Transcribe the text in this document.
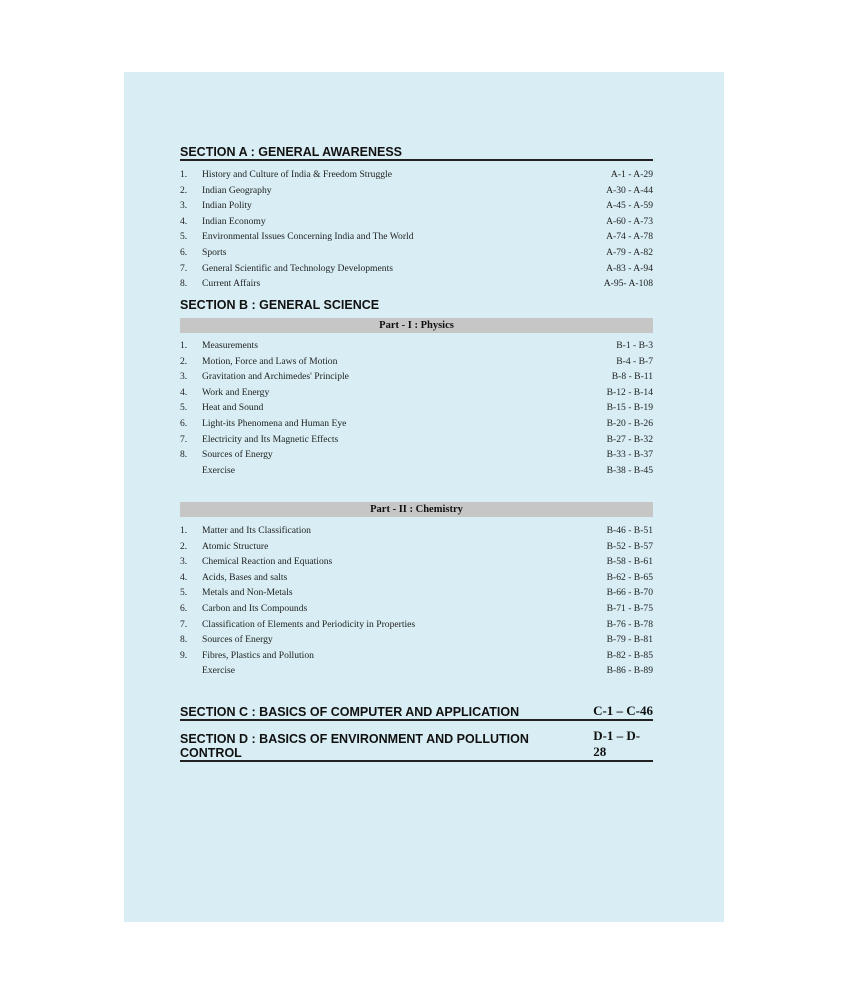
SECTION A : GENERAL AWARENESS
1.	History and Culture of India & Freedom Struggle	A-1 - A-29
2.	Indian Geography	A-30 - A-44
3.	Indian Polity	A-45 - A-59
4.	Indian Economy	A-60 - A-73
5.	Environmental Issues Concerning India and The World	A-74 - A-78
6.	Sports	A-79 - A-82
7.	General Scientific and Technology Developments	A-83 - A-94
8.	Current Affairs	A-95- A-108
SECTION B : GENERAL SCIENCE
Part - I : Physics
1.	Measurements	B-1 - B-3
2.	Motion, Force and Laws of Motion	B-4 - B-7
3.	Gravitation and Archimedes' Principle	B-8 - B-11
4.	Work and Energy	B-12 - B-14
5.	Heat and Sound	B-15 - B-19
6.	Light-its Phenomena and Human Eye	B-20 - B-26
7.	Electricity and Its Magnetic Effects	B-27 - B-32
8.	Sources of Energy	B-33 - B-37
Exercise	B-38 - B-45
Part - II : Chemistry
1.	Matter and Its Classification	B-46 - B-51
2.	Atomic Structure	B-52 - B-57
3.	Chemical Reaction and Equations	B-58 - B-61
4.	Acids, Bases and salts	B-62 - B-65
5.	Metals and Non-Metals	B-66 - B-70
6.	Carbon and Its Compounds	B-71 - B-75
7.	Classification of Elements and Periodicity in Properties	B-76 - B-78
8.	Sources of Energy	B-79 - B-81
9.	Fibres, Plastics and Pollution	B-82 - B-85
Exercise	B-86 - B-89
SECTION C : BASICS OF COMPUTER AND APPLICATION	C-1 – C-46
SECTION D : BASICS OF ENVIRONMENT AND POLLUTION CONTROL
D-1 – D-28
